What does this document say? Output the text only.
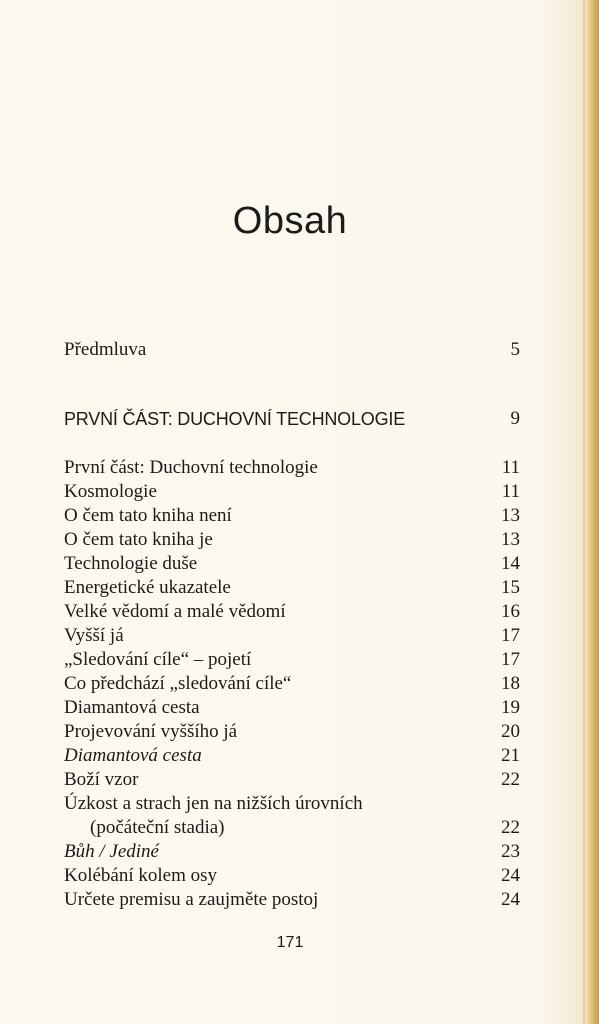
Obsah
Předmluva	5
PRVNÍ ČÁST: DUCHOVNÍ TECHNOLOGIE	9
První část: Duchovní technologie	11
Kosmologie	11
O čem tato kniha není	13
O čem tato kniha je	13
Technologie duše	14
Energetické ukazatele	15
Velké vědomí a malé vědomí	16
Vyšší já	17
„Sledování cíle“ – pojetí	17
Co předchází „sledování cíle“	18
Diamantová cesta	19
Projevování vyššího já	20
Diamantová cesta	21
Boží vzor	22
Úzkost a strach jen na nižších úrovních
(počáteční stadia)	22
Bůh / Jediné	23
Kolébání kolem osy	24
Určete premisu a zaujměte postoj	24
171
